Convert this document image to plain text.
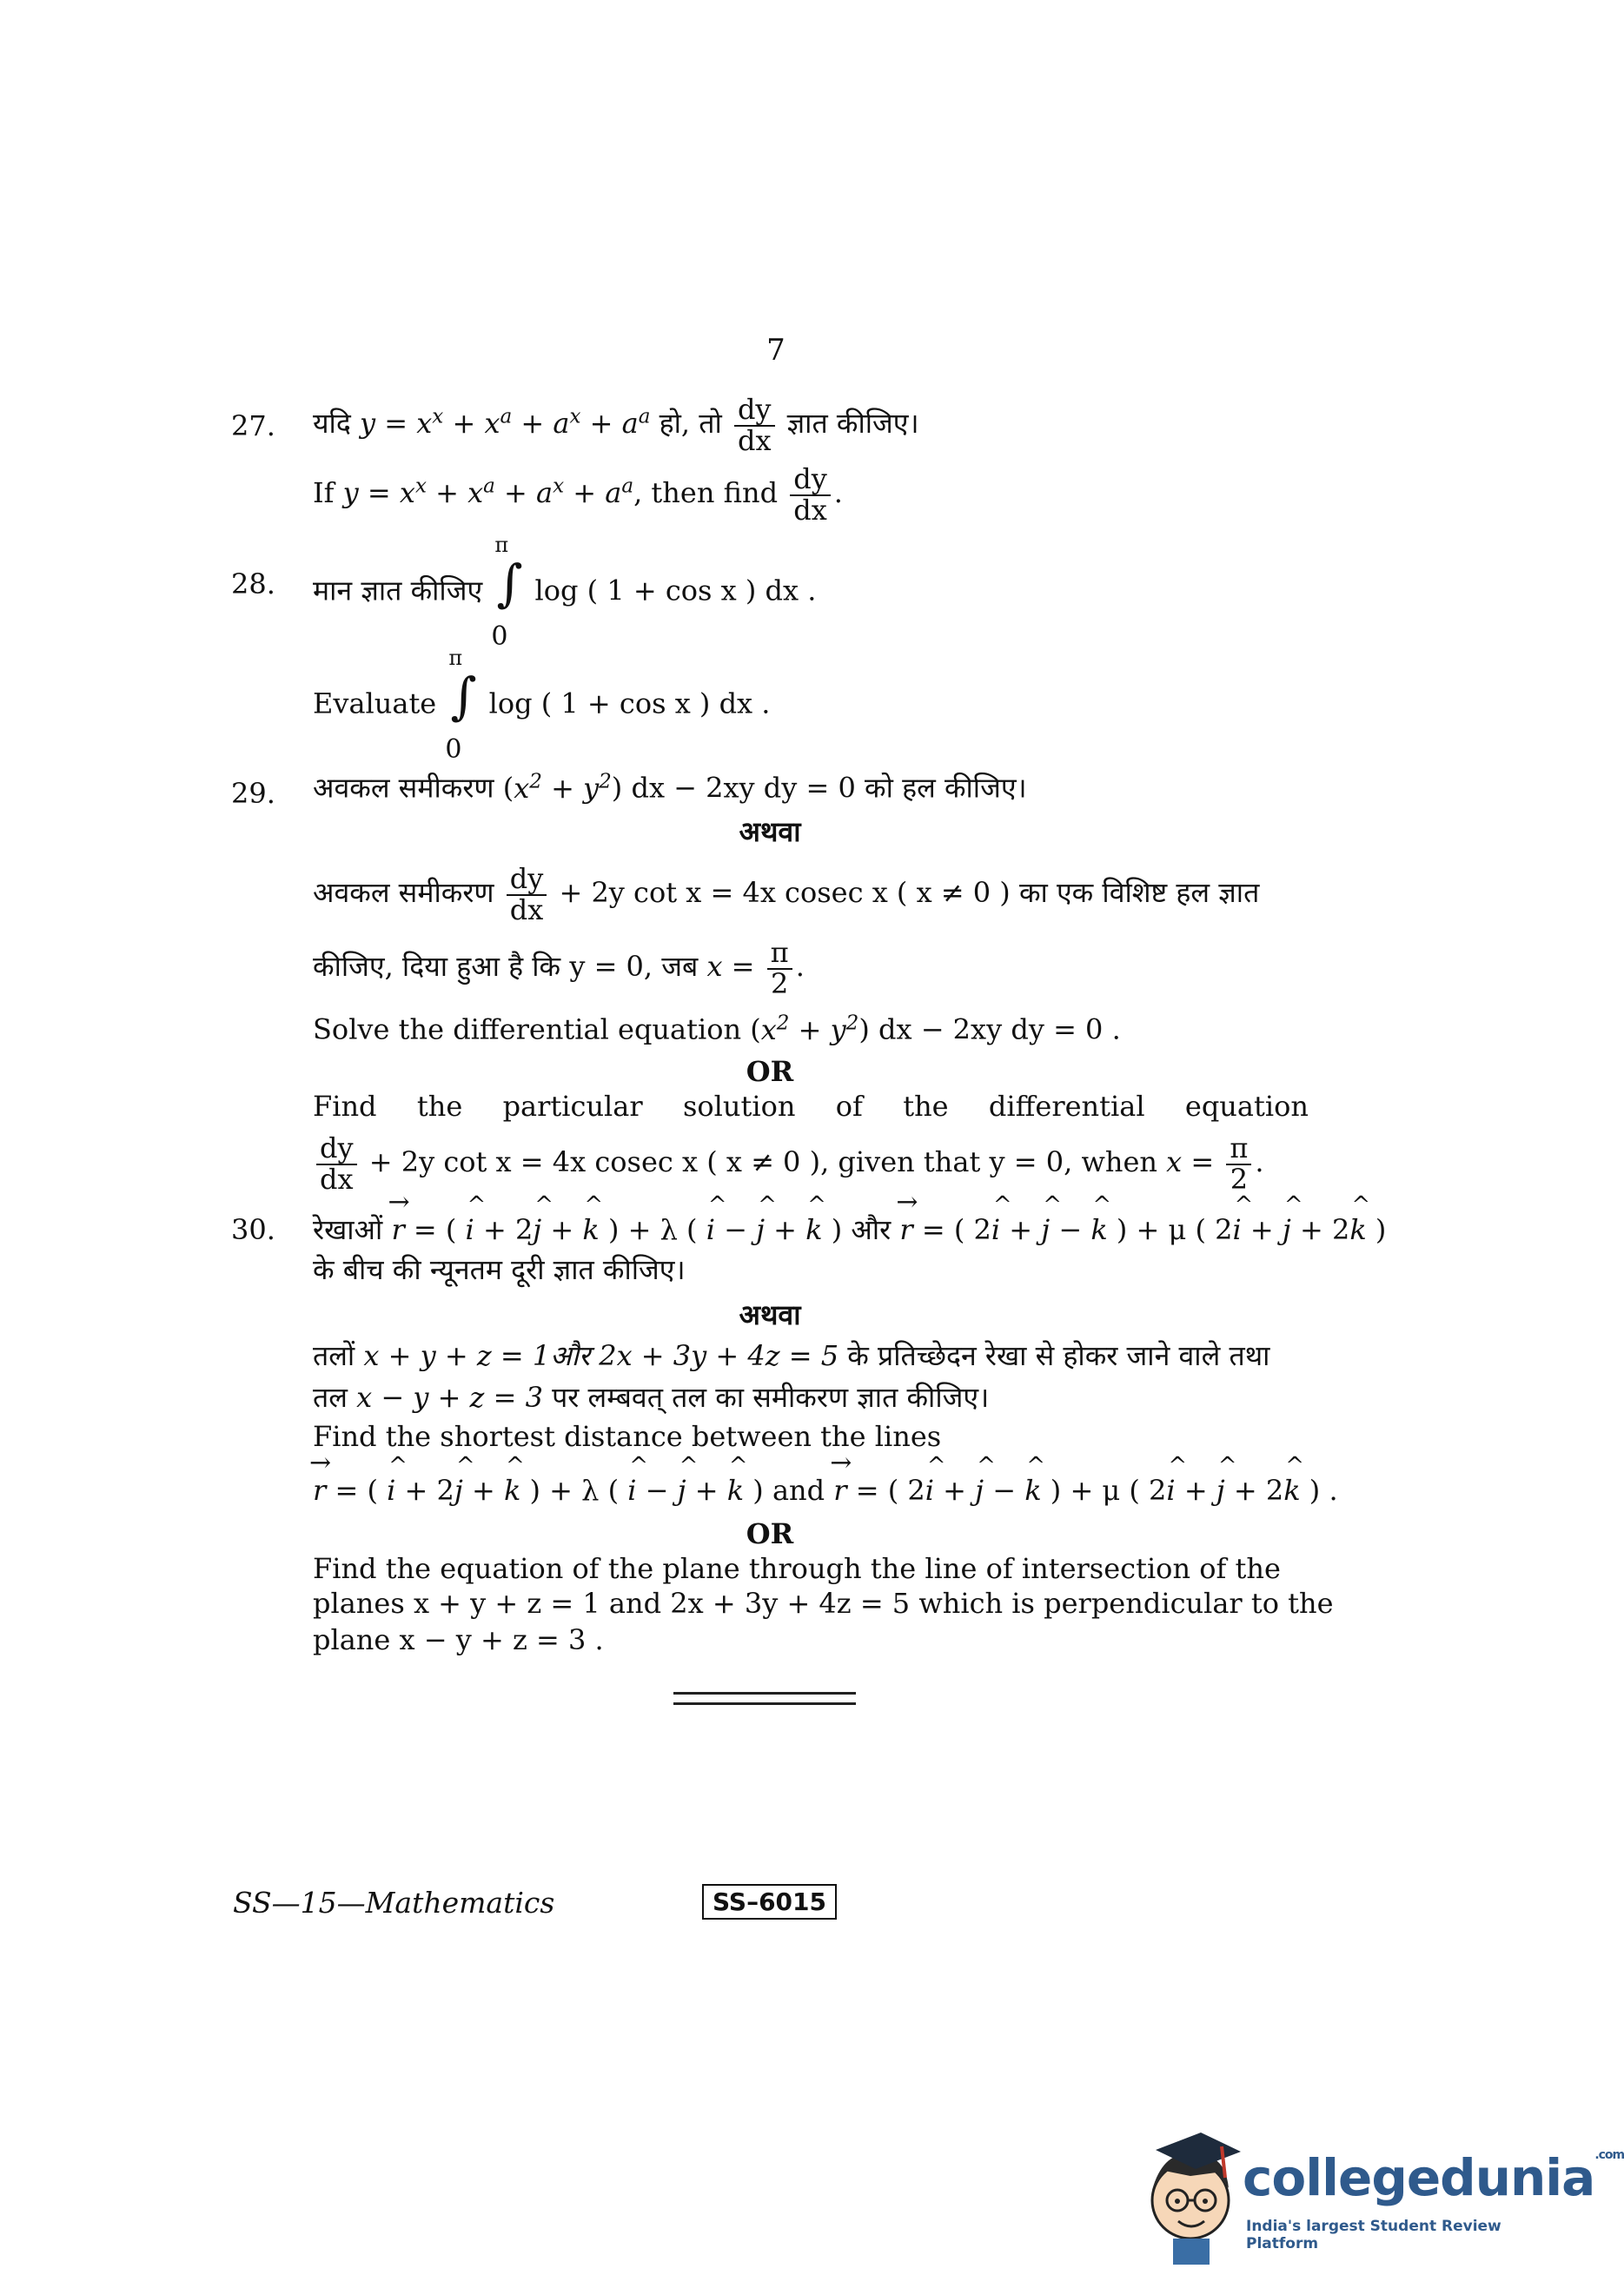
7
27. यदि $y = x^x + x^a + a^x + a^a$ हो, तो $\frac{dy}{dx}$ ज्ञात कीजिए।
If $y = x^x + x^a + a^x + a^a$, then find $\frac{dy}{dx}$ .
28. मान ज्ञात कीजिए
π
∫
0
log ( 1 + cos x ) dx .
Evaluate
π
∫
0
log ( 1 + cos x ) dx .
29. अवकल समीकरण $(x^2 + y^2)$ dx − 2xy dy = 0 को हल कीजिए।
अथवा
अवकल समीकरण $\frac{dy}{dx} + 2y$ cot x = 4x cosec x ( x ≠ 0 ) का एक विशिष्ट हल ज्ञात
कीजिए, दिया हुआ है कि y = 0, जब $x = \frac{\pi}{2}$ .
Solve the differential equation $(x^2 + y^2)$ dx − 2xy dy = 0 .
OR
Find the particular solution of the differential equation
$\frac{dy}{dx} + 2y$ cot x = 4x cosec x ( x ≠ 0 ), given that y = 0, when $x = \frac{\pi}{2}$ .
30. रेखाओं → r = ( ^ i + 2^ j + ^ k ) + λ ( ^ i − ^ j + ^ k ) और → r = ( 2^ i + ^ j − ^ k ) + μ ( 2^ i + ^ j + 2^ k )
के बीच की न्यूनतम दूरी ज्ञात कीजिए।
अथवा
तलों x + y + z = 1और 2x + 3y + 4z = 5 के प्रतिच्छेदन रेखा से होकर जाने वाले तथा
तल x − y + z = 3 पर लम्बवत् तल का समीकरण ज्ञात कीजिए।
Find the shortest distance between the lines
→ r = ( ^ i + 2^ j + ^ k ) + λ ( ^ i − ^ j + ^ k ) and → r = ( 2^ i + ^ j − ^ k ) + μ ( 2^ i + ^ j + 2^ k ) .
OR
Find the equation of the plane through the line of intersection of the
planes x + y + z = 1 and 2x + 3y + 4z = 5 which is perpendicular to the
plane x − y + z = 3 .
SS—15—Mathematics	SS–6015
collegedunia$^{.com}$
India's largest Student Review Platform
